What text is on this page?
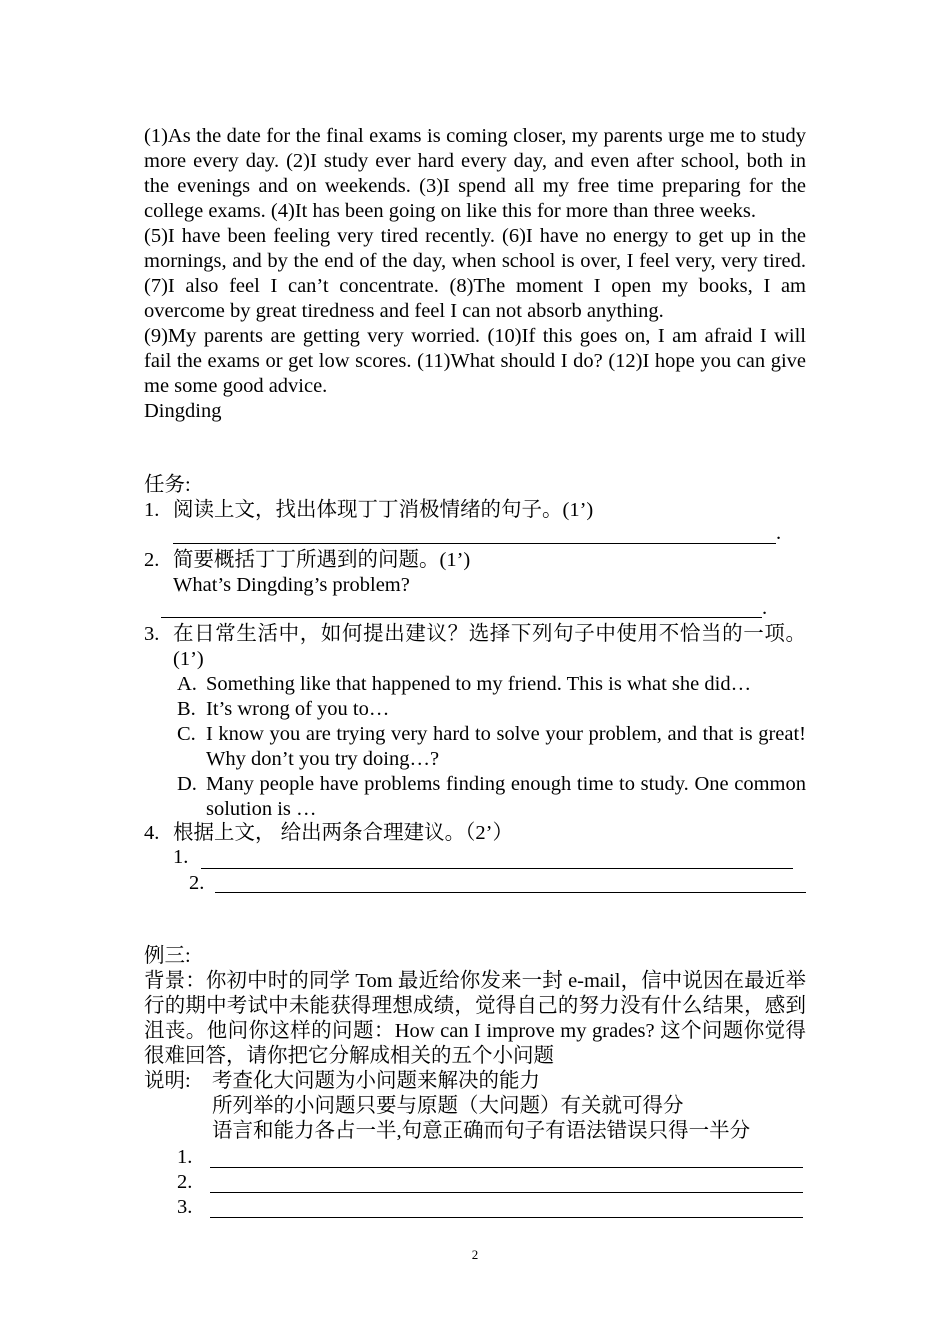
(1)As the date for the final exams is coming closer, my parents urge me to study more every day. (2)I study ever hard every day, and even after school, both in the evenings and on weekends. (3)I spend all my free time preparing for the college exams. (4)It has been going on like this for more than three weeks.
(5)I have been feeling very tired recently. (6)I have no energy to get up in the mornings, and by the end of the day, when school is over, I feel very, very tired. (7)I also feel I can’t concentrate. (8)The moment I open my books, I am overcome by great tiredness and feel I can not absorb anything.
(9)My parents are getting very worried. (10)If this goes on, I am afraid I will fail the exams or get low scores. (11)What should I do? (12)I hope you can give me some good advice.
Dingding
任务:
1. 阅读上文，找出体现丁丁消极情绪的句子。(1’)
.
2. 简要概括丁丁所遇到的问题。(1’)
What’s Dingding’s problem?
.
3. 在日常生活中，如何提出建议？选择下列句子中使用不恰当的一项。(1’)
A. Something like that happened to my friend. This is what she did…
B. It’s wrong of you to…
C. I know you are trying very hard to solve your problem, and that is great! Why don’t you try doing…?
D. Many people have problems finding enough time to study. One common solution is …
4. 根据上文， 给出两条合理建议。（2’）
1.
2.
例三:
背景：你初中时的同学 Tom 最近给你发来一封 e-mail，信中说因在最近举行的期中考试中未能获得理想成绩，觉得自己的努力没有什么结果，感到沮丧。他问你这样的问题：How can I improve my grades? 这个问题你觉得很难回答，请你把它分解成相关的五个小问题
说明:	考查化大问题为小问题来解决的能力
所列举的小问题只要与原题（大问题）有关就可得分
语言和能力各占一半,句意正确而句子有语法错误只得一半分
1.
2.
3.
2
